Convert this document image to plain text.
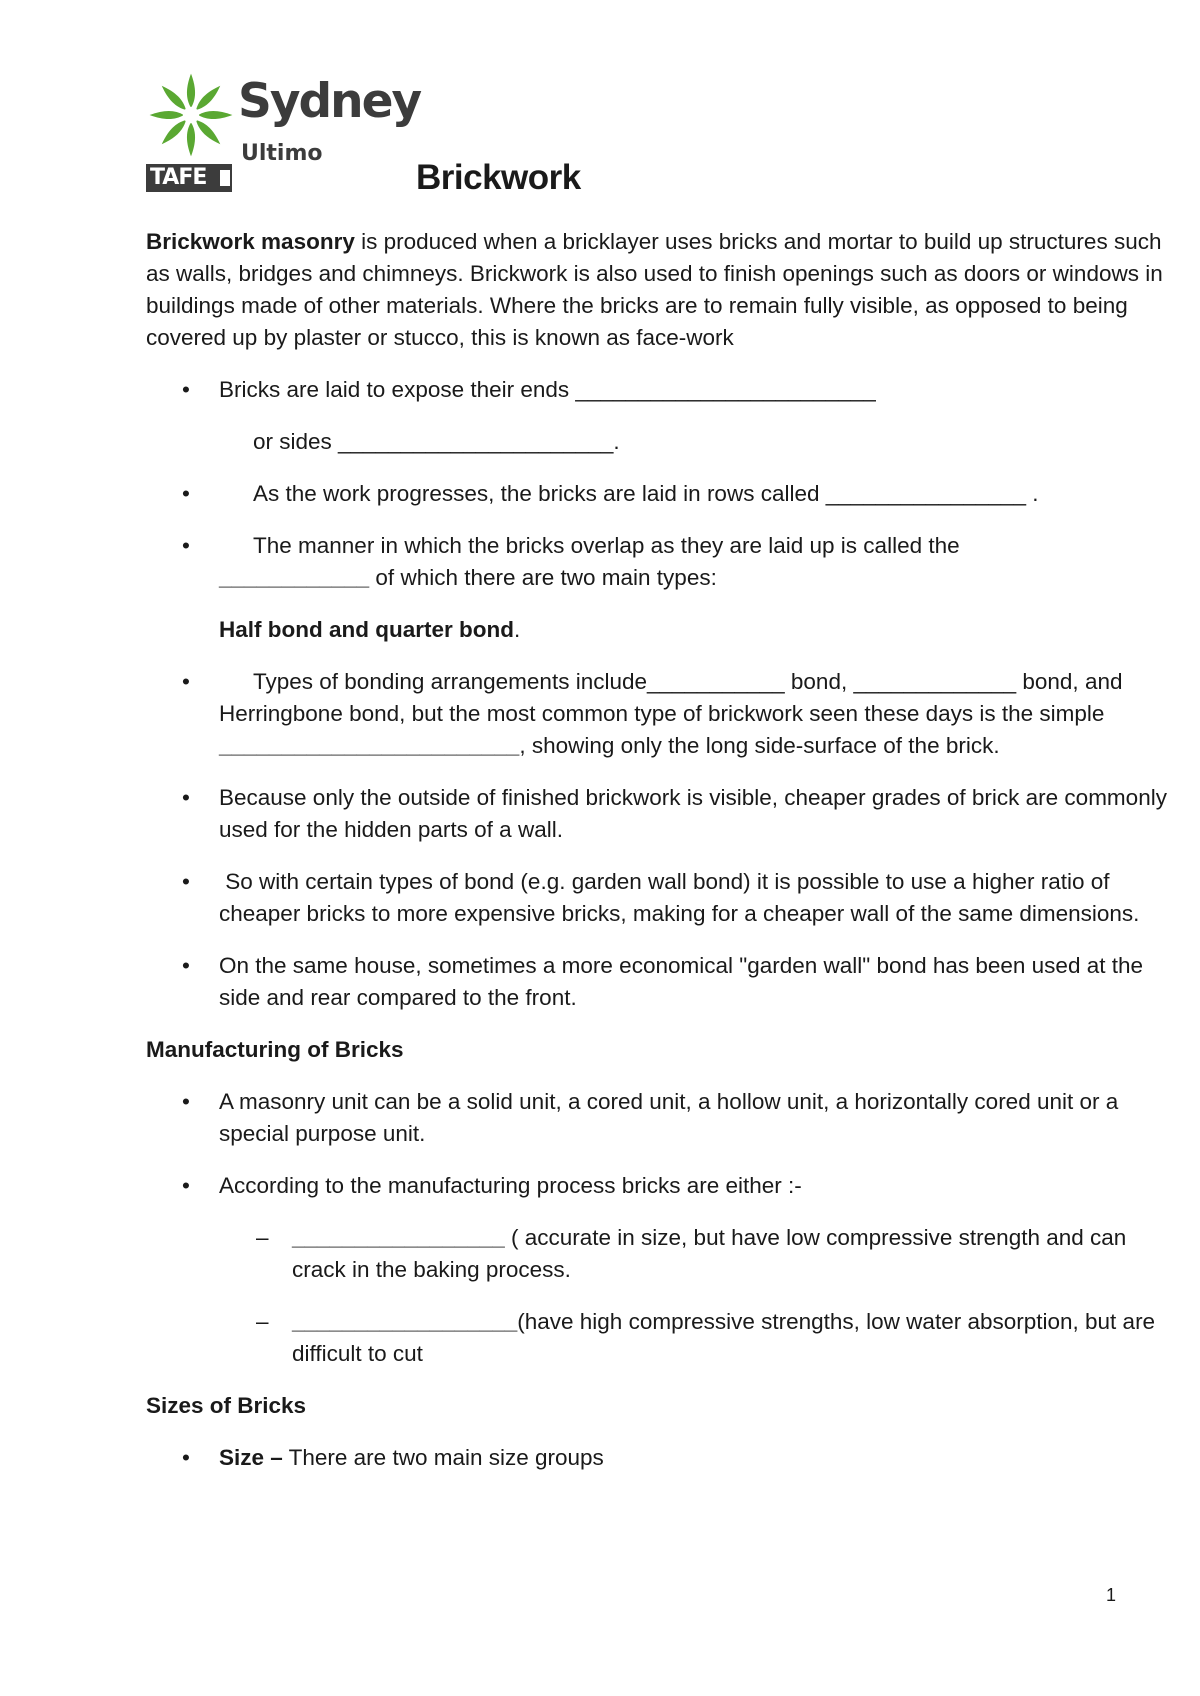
Sydney
Ultimo
TAFE	Brickwork

Brickwork masonry is produced when a bricklayer uses bricks and mortar to build up structures such as walls, bridges and chimneys. Brickwork is also used to finish openings such as doors or windows in buildings made of other materials. Where the bricks are to remain fully visible, as opposed to being covered up by plaster or stucco, this is known as face-work

• Bricks are laid to expose their ends ________________________
or sides ______________________.
•	As the work progresses, the bricks are laid in rows called ________________ .
•	The manner in which the bricks overlap as they are laid up is called the
____________ of which there are two main types:
Half bond and quarter bond.
•	Types of bonding arrangements include___________ bond, _____________ bond, and Herringbone bond, but the most common type of brickwork seen these days is the simple ________________________, showing only the long side-surface of the brick.
• Because only the outside of finished brickwork is visible, cheaper grades of brick are commonly used for the hidden parts of a wall.
• So with certain types of bond (e.g. garden wall bond) it is possible to use a higher ratio of cheaper bricks to more expensive bricks, making for a cheaper wall of the same dimensions.
• On the same house, sometimes a more economical "garden wall" bond has been used at the side and rear compared to the front.
Manufacturing of Bricks
• A masonry unit can be a solid unit, a cored unit, a hollow unit, a horizontally cored unit or a special purpose unit.
• According to the manufacturing process bricks are either :-
– _________________ ( accurate in size, but have low compressive strength and can crack in the baking process.
– __________________(have high compressive strengths, low water absorption, but are difficult to cut
Sizes of Bricks
• Size – There are two main size groups
1
